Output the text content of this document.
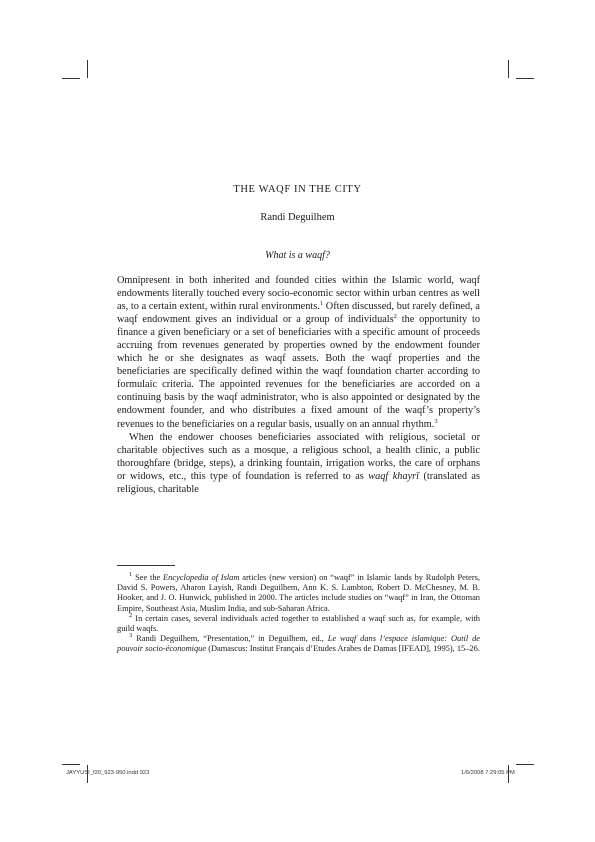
THE WAQF IN THE CITY
Randi Deguilhem
What is a waqf?

Omnipresent in both inherited and founded cities within the Islamic world, waqf endowments literally touched every socio-economic sector within urban centres as well as, to a certain extent, within rural environments.$^1$ Often discussed, but rarely defined, a waqf endowment gives an individual or a group of individuals$^2$ the opportunity to finance a given beneficiary or a set of beneficiaries with a specific amount of proceeds accruing from revenues generated by properties owned by the endowment founder which he or she designates as waqf assets. Both the waqf properties and the beneficiaries are specifically defined within the waqf foundation charter according to formulaic criteria. The appointed revenues for the beneficiaries are accorded on a continuing basis by the waqf administrator, who is also appointed or designated by the endowment founder, and who distributes a fixed amount of the waqf’s property’s revenues to the beneficiaries on a regular basis, usually on an annual rhythm.$^3$

When the endower chooses beneficiaries associated with religious, societal or charitable objectives such as a mosque, a religious school, a health clinic, a public thoroughfare (bridge, steps), a drinking fountain, irrigation works, the care of orphans or widows, etc., this type of foundation is referred to as waqf khayrī (translated as religious, charitable

$^1$ See the Encyclopedia of Islam articles (new version) on “waqf” in Islamic lands by Rudolph Peters, David S. Powers, Aharon Layish, Randi Deguilhem, Ann K. S. Lambton, Robert D. McChesney, M. B. Hooker, and J. O. Hunwick, published in 2000. The articles include studies on “waqf” in Iran, the Ottoman Empire, Southeast Asia, Muslim India, and sub-Saharan Africa.

$^2$ In certain cases, several individuals acted together to established a waqf such as, for example, with guild waqfs.

$^3$ Randi Deguilhem, “Presentation,” in Deguilhem, ed., Le waqf dans l’espace islamique: Outil de pouvoir socio-économique (Damascus: Institut Français d’Etudes Arabes de Damas [IFEAD], 1995), 15–26.

JAYYUSI_f20_923-950.indd 923	1/6/2008 7:29:05 PM
